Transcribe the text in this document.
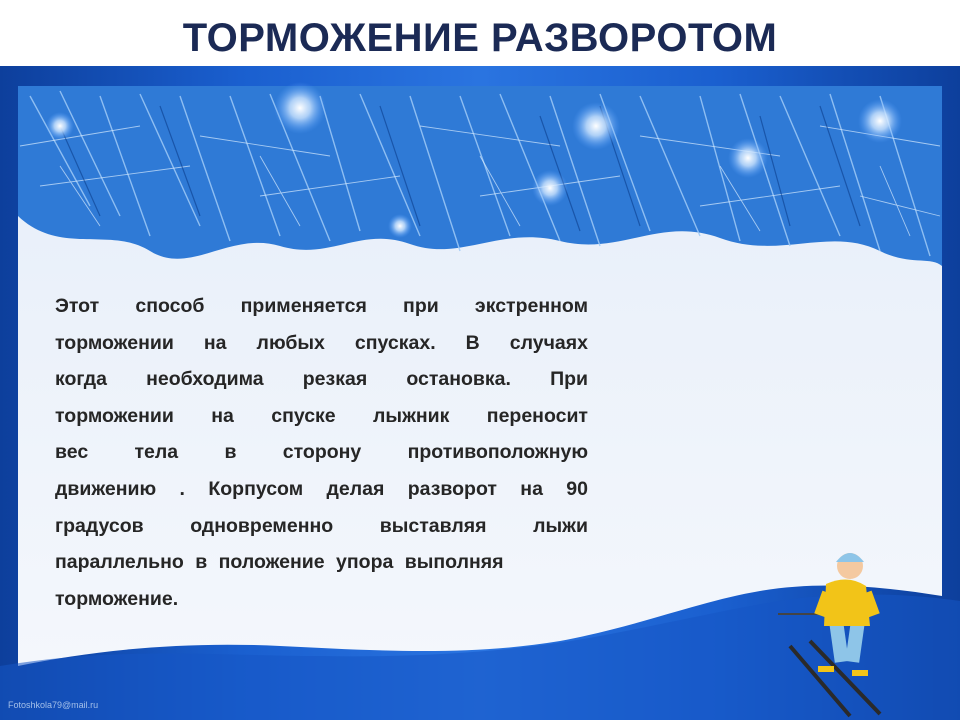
ТОРМОЖЕНИЕ РАЗВОРОТОМ
Этот способ применяется при экстренном
торможении на любых спусках. В случаях
когда необходима резкая остановка. При
торможении на спуске лыжник переносит
вес тела в сторону противоположную
движению . Корпусом делая разворот на 90
градусов одновременно выставляя лыжи
параллельно в положение упора выполняя
торможение.
Fotoshkola79@mail.ru
